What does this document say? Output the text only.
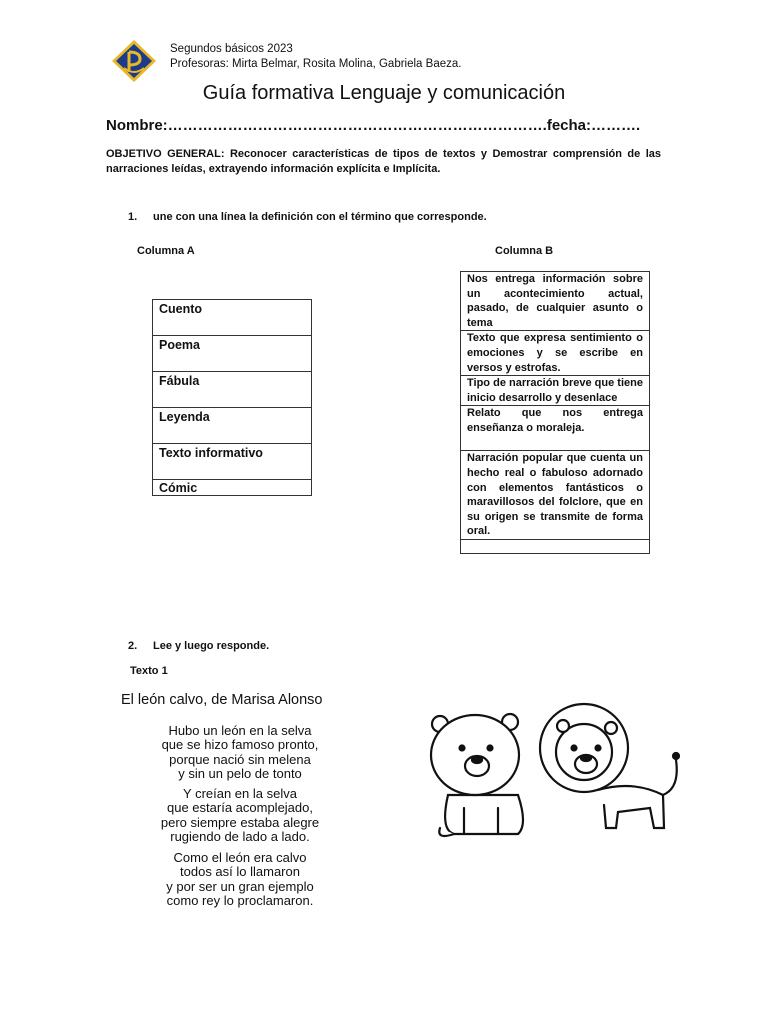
Segundos básicos 2023
Profesoras: Mirta Belmar, Rosita Molina, Gabriela Baeza.
Guía formativa Lenguaje y comunicación
Nombre:………………………………………………………………….fecha:……….
OBJETIVO GENERAL: Reconocer características de tipos de textos y Demostrar comprensión de las narraciones leídas, extrayendo información explícita e Implícita.
1. une con una línea la definición con el término que corresponde.
Columna A	Columna B
Cuento
Poema
Fábula
Leyenda
Texto informativo
Cómic
Nos entrega información sobre un acontecimiento actual, pasado, de cualquier asunto o tema
Texto que expresa sentimiento o emociones y se escribe en versos y estrofas.
Tipo de narración breve que tiene inicio desarrollo y desenlace
Relato que nos entrega enseñanza o moraleja.
Narración popular que cuenta un hecho real o fabuloso adornado con elementos fantásticos o maravillosos del folclore, que en su origen se transmite de forma oral.

2. Lee y luego responde.
Texto 1
El león calvo, de Marisa Alonso
Hubo un león en la selva
que se hizo famoso pronto,
porque nació sin melena
y sin un pelo de tonto
Y creían en la selva
que estaría acomplejado,
pero siempre estaba alegre
rugiendo de lado a lado.
Como el león era calvo
todos así lo llamaron
y por ser un gran ejemplo
como rey lo proclamaron.
